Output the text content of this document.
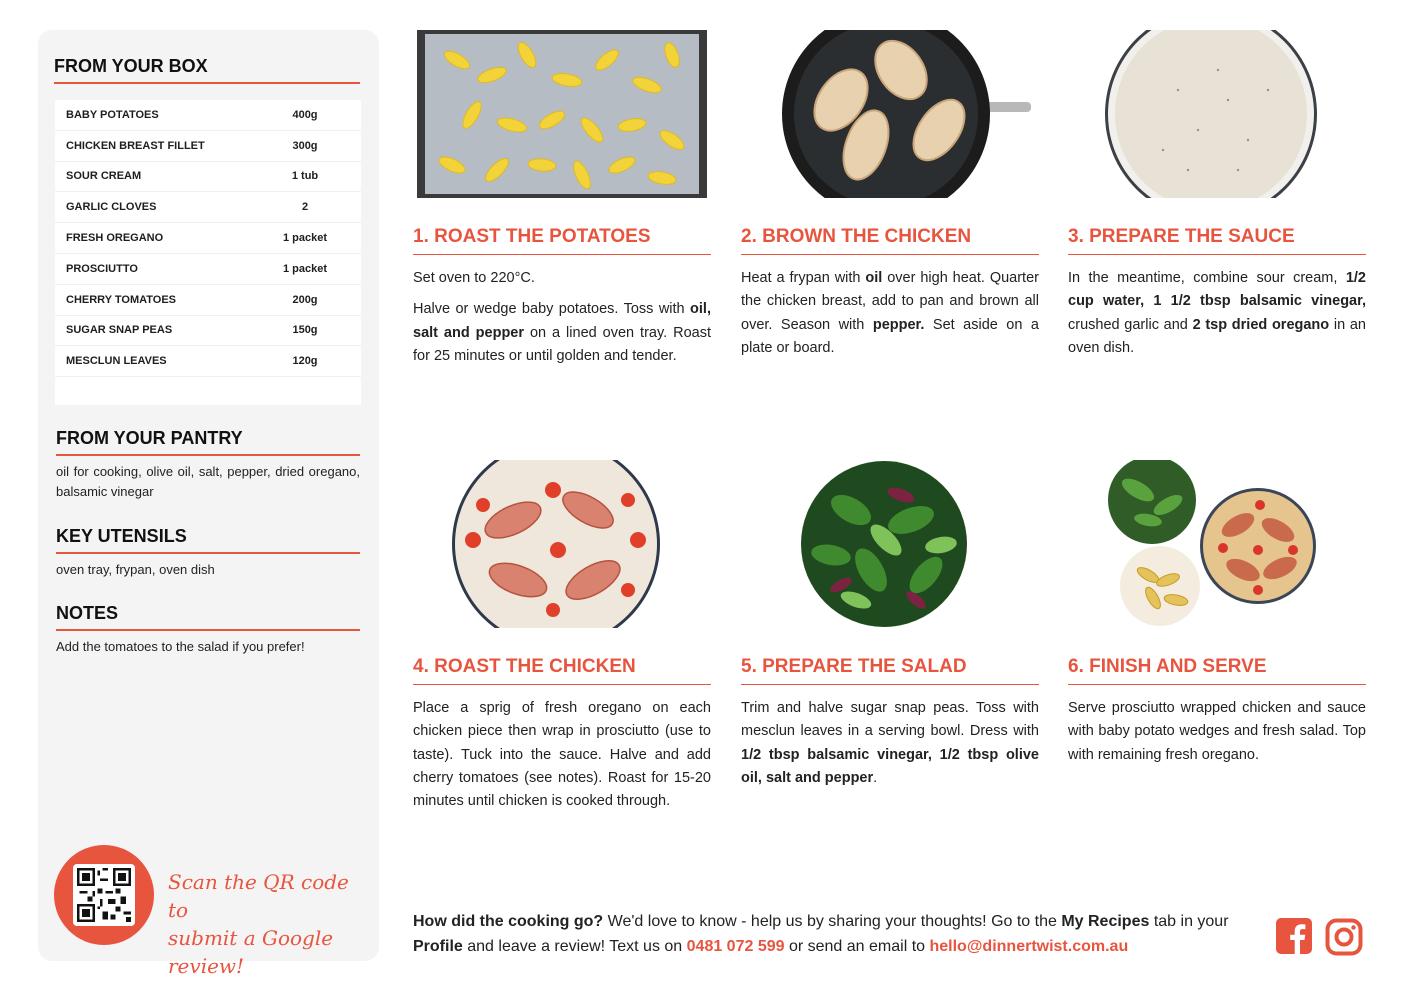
FROM YOUR BOX
BABY POTATOES	400g
CHICKEN BREAST FILLET	300g
SOUR CREAM	1 tub
GARLIC CLOVES	2
FRESH OREGANO	1 packet
PROSCIUTTO	1 packet
CHERRY TOMATOES	200g
SUGAR SNAP PEAS	150g
MESCLUN LEAVES	120g
FROM YOUR PANTRY
oil for cooking, olive oil, salt, pepper, dried oregano, balsamic vinegar
KEY UTENSILS
oven tray, frypan, oven dish
NOTES
Add the tomatoes to the salad if you prefer!
Scan the QR code to
submit a Google review!
1. ROAST THE POTATOES

Set oven to 220°C.

Halve or wedge baby potatoes. Toss with oil, salt and pepper on a lined oven tray. Roast for 25 minutes or until golden and tender.

2. BROWN THE CHICKEN

Heat a frypan with oil over high heat. Quarter the chicken breast, add to pan and brown all over. Season with pepper. Set aside on a plate or board.

3. PREPARE THE SAUCE

In the meantime, combine sour cream, 1/2 cup water, 1 1/2 tbsp balsamic vinegar, crushed garlic and 2 tsp dried oregano in an oven dish.

4. ROAST THE CHICKEN

Place a sprig of fresh oregano on each chicken piece then wrap in prosciutto (use to taste). Tuck into the sauce. Halve and add cherry tomatoes (see notes). Roast for 15-20 minutes until chicken is cooked through.

5. PREPARE THE SALAD

Trim and halve sugar snap peas. Toss with mesclun leaves in a serving bowl. Dress with 1/2 tbsp balsamic vinegar, 1/2 tbsp olive oil, salt and pepper.

6. FINISH AND SERVE

Serve prosciutto wrapped chicken and sauce with baby potato wedges and fresh salad. Top with remaining fresh oregano.

How did the cooking go? We'd love to know - help us by sharing your thoughts! Go to the My Recipes tab in your Profile and leave a review! Text us on 0481 072 599 or send an email to hello@dinnertwist.com.au
